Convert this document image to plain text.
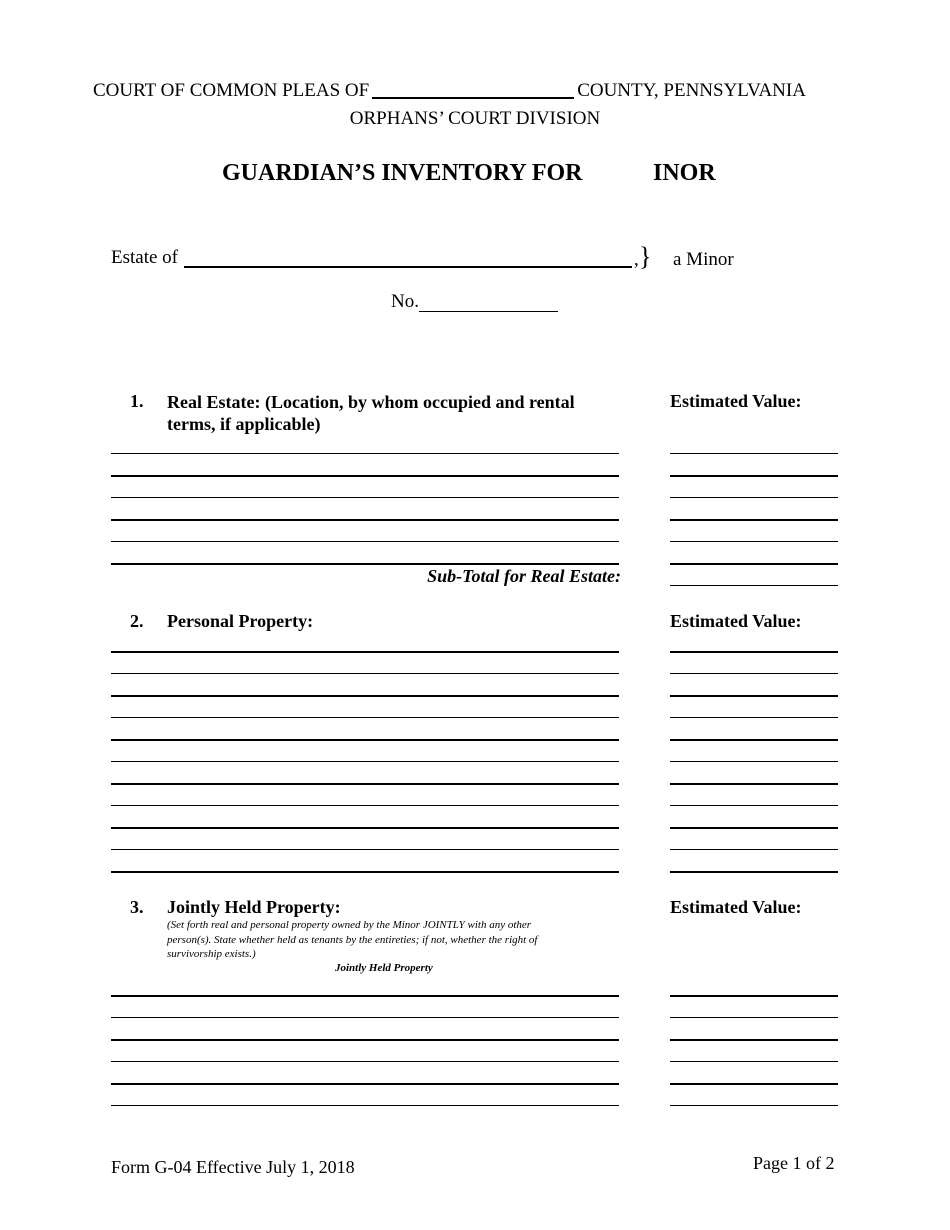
COURT OF COMMON PLEAS OF	COUNTY, PENNSYLVANIA
ORPHANS’ COURT DIVISION
GUARDIAN’S INVENTORY FOR	INOR
Estate of	, } a Minor
No.
1. Real Estate: (Location, by whom occupied and rental
terms, if applicable)
Estimated Value:
Sub-Total for Real Estate:
2. Personal Property:	Estimated Value:
3. Jointly Held Property:	Estimated Value:
(Set forth real and personal property owned by the Minor JOINTLY with any other
person(s). State whether held as tenants by the entireties; if not, whether the right of
survivorship exists.)
Jointly Held Property
Form G-04 Effective July 1, 2018	Page 1 of 2
